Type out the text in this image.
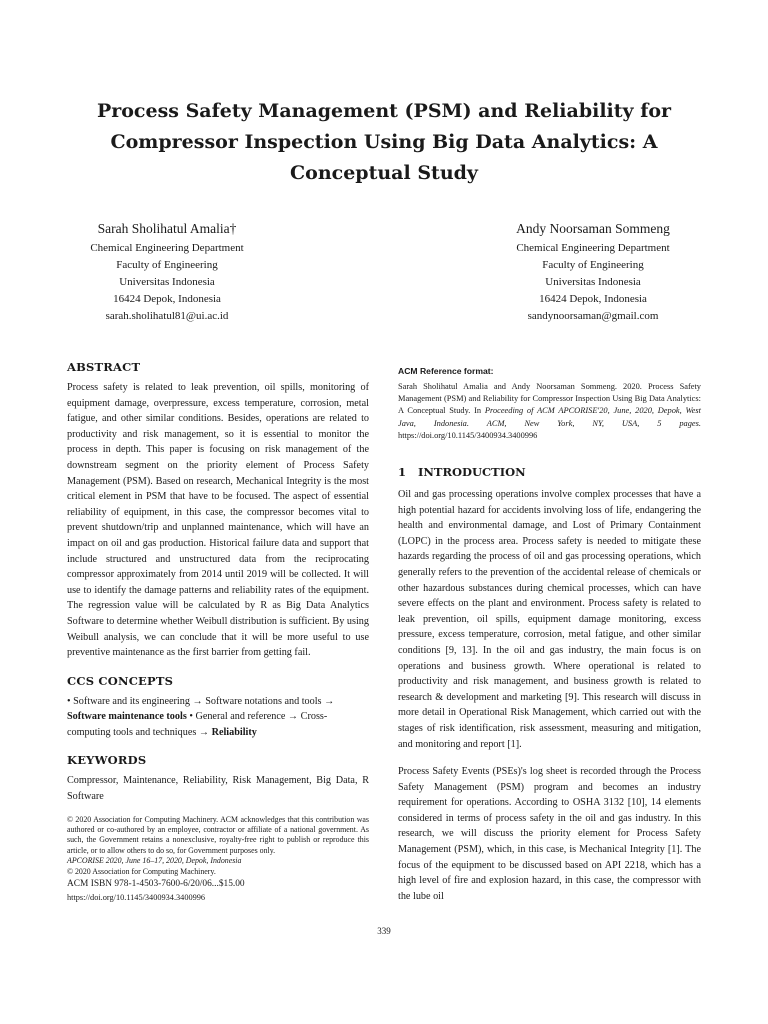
Process Safety Management (PSM) and Reliability for Compressor Inspection Using Big Data Analytics: A Conceptual Study
Sarah Sholihatul Amalia†
Chemical Engineering Department
Faculty of Engineering
Universitas Indonesia
16424 Depok, Indonesia
sarah.sholihatul81@ui.ac.id
Andy Noorsaman Sommeng
Chemical Engineering Department
Faculty of Engineering
Universitas Indonesia
16424 Depok, Indonesia
sandynoorsaman@gmail.com
ABSTRACT

Process safety is related to leak prevention, oil spills, monitoring of equipment damage, overpressure, excess temperature, corrosion, metal fatigue, and other similar conditions. Besides, operations are related to productivity and risk management, so it is essential to monitor the process in depth. This paper is focusing on risk management of the downstream segment on the priority element of Process Safety Management (PSM). Based on research, Mechanical Integrity is the most critical element in PSM that have to be focused. The aspect of essential reliability of equipment, in this case, the compressor becomes vital to prevent shutdown/trip and unplanned maintenance, which will have an impact on oil and gas production. Historical failure data and support that include structured and unstructured data from the reciprocating compressor approximately from 2014 until 2019 will be collected. It will use to identify the damage patterns and reliability rates of the equipment. The regression value will be calculated by R as Big Data Analytics Software to determine whether Weibull distribution is sufficient. By using Weibull analysis, we can conclude that it will be more useful to use preventive maintenance as the first barrier from getting fail.

CCS CONCEPTS

• Software and its engineering → Software notations and tools → Software maintenance tools • General and reference → Cross-computing tools and techniques → Reliability

KEYWORDS

Compressor, Maintenance, Reliability, Risk Management, Big Data, R Software

© 2020 Association for Computing Machinery. ACM acknowledges that this contribution was authored or co-authored by an employee, contractor or affiliate of a national government. As such, the Government retains a nonexclusive, royalty-free right to publish or reproduce this article, or to allow others to do so, for Government purposes only.

APCORISE 2020, June 16–17, 2020, Depok, Indonesia

© 2020 Association for Computing Machinery.

ACM ISBN 978-1-4503-7600-6/20/06...$15.00
https://doi.org/10.1145/3400934.3400996
ACM Reference format:

Sarah Sholihatul Amalia and Andy Noorsaman Sommeng. 2020. Process Safety Management (PSM) and Reliability for Compressor Inspection Using Big Data Analytics: A Conceptual Study. In Proceeding of ACM APCORISE'20, June, 2020, Depok, West Java, Indonesia. ACM, New York, NY, USA, 5 pages. https://doi.org/10.1145/3400934.3400996

1 INTRODUCTION

Oil and gas processing operations involve complex processes that have a high potential hazard for accidents involving loss of life, endangering the health and environmental damage, and Lost of Primary Containment (LOPC) in the process area. Process safety is needed to mitigate these hazards regarding the process of oil and gas processing operations, which generally refers to the prevention of the accidental release of chemicals or other hazardous substances during chemical processes, which can have severe effects on the plant and environment. Process safety is related to leak prevention, oil spills, equipment damage monitoring, excess pressure, excess temperature, corrosion, metal fatigue, and other similar conditions [9, 13]. In the oil and gas industry, the main focus is on operations and business growth. Where operational is related to productivity and risk management, and business growth is related to research & development and marketing [9]. This research will discuss in more detail in Operational Risk Management, which carried out with the stages of risk identification, risk assessment, measuring and mitigation, and monitoring and report [1].

Process Safety Events (PSEs)'s log sheet is recorded through the Process Safety Management (PSM) program and becomes an industry requirement for operations. According to OSHA 3132 [10], 14 elements considered in terms of process safety in the oil and gas industry. In this research, we will discuss the priority element for Process Safety Management (PSM), which, in this case, is Mechanical Integrity [1]. The focus of the equipment to be discussed based on API 2218, which has a high level of fire and explosion hazard, in this case, the compressor with the lube oil

339
